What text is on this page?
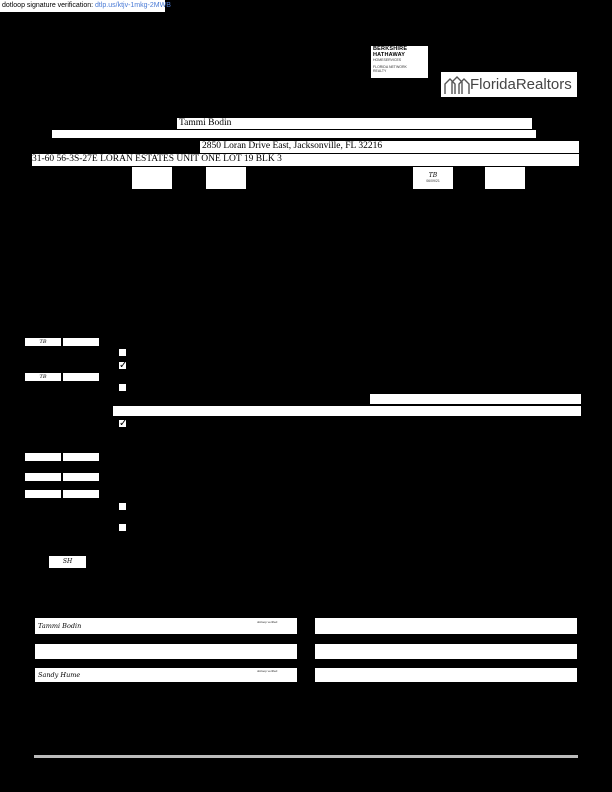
dotloop signature verification: dtlp.us/ktjv-1mkg-2MWB
BERKSHIRE
HATHAWAY
HOMESERVICES
FLORIDA NETWORK
REALTY
FloridaRealtors
Tammi Bodin
2850 Loran Drive East, Jacksonville, FL 32216
31-60 56-3S-27E LORAN ESTATES UNIT ONE LOT 19 BLK 3
TB
06/09/21
TB
TB
✓
✓
SH
Tammi Bodin	dotloop verified
Sandy Hume	dotloop verified
